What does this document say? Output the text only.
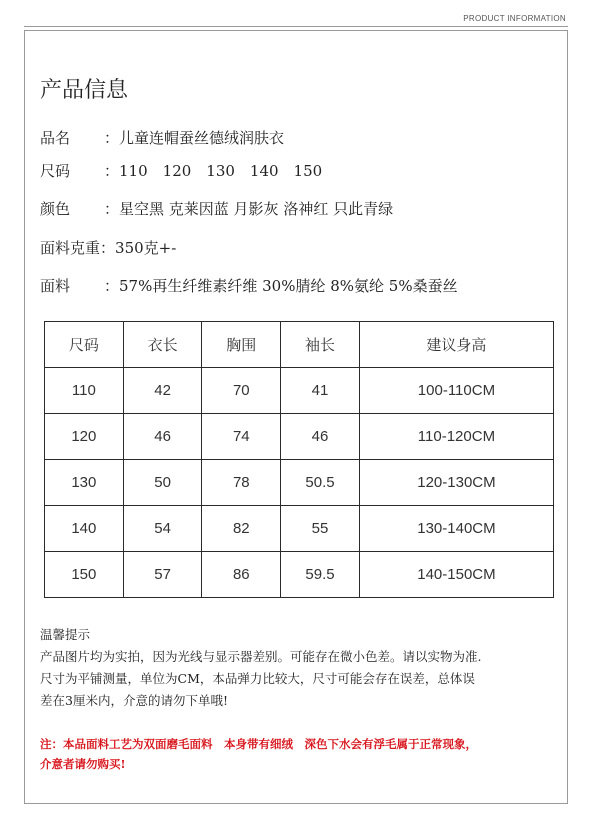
PRODUCT INFORMATION
产品信息
品名 ：儿童连帽蚕丝德绒润肤衣
尺码 ：110　120　130　140　150
颜色 ：星空黑 克莱因蓝 月影灰 洛神红 只此青绿
面料克重：350克+-
面料 ：57%再生纤维素纤维 30%腈纶 8%氨纶 5%桑蚕丝
尺码	衣长	胸围	袖长	建议身高
110	42	70	41	100-110CM
120	46	74	46	110-120CM
130	50	78	50.5	120-130CM
140	54	82	55	130-140CM
150	57	86	59.5	140-150CM
温馨提示
产品图片均为实拍，因为光线与显示器差别。可能存在微小色差。请以实物为准.
尺寸为平铺测量，单位为CM，本品弹力比较大，尺寸可能会存在误差，总体误
差在3厘米内，介意的请勿下单哦!
注：本品面料工艺为双面磨毛面料　本身带有细绒　深色下水会有浮毛属于正常现象，
介意者请勿购买!
